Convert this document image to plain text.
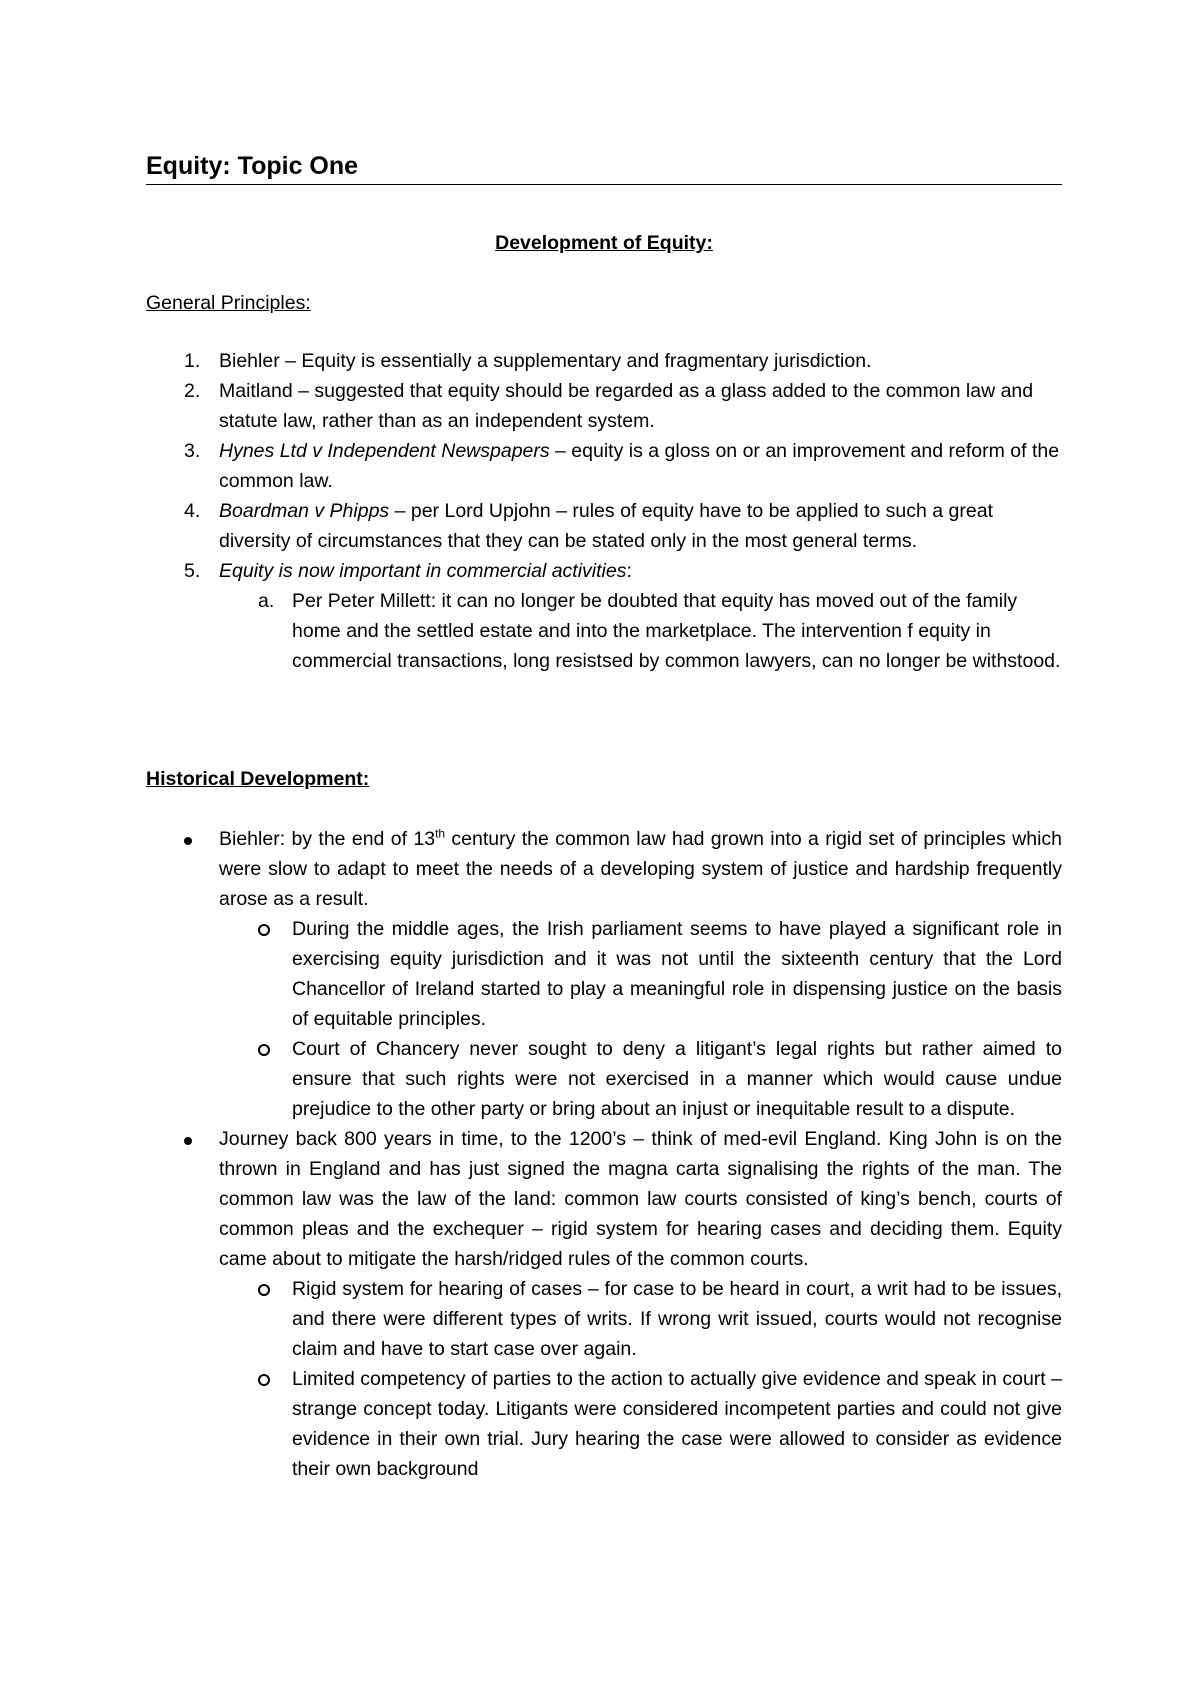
Equity: Topic One
Development of Equity:
General Principles:
1. Biehler – Equity is essentially a supplementary and fragmentary jurisdiction.
2. Maitland – suggested that equity should be regarded as a glass added to the common law and statute law, rather than as an independent system.
3. Hynes Ltd v Independent Newspapers – equity is a gloss on or an improvement and reform of the common law.
4. Boardman v Phipps – per Lord Upjohn – rules of equity have to be applied to such a great diversity of circumstances that they can be stated only in the most general terms.
5. Equity is now important in commercial activities:
a. Per Peter Millett: it can no longer be doubted that equity has moved out of the family home and the settled estate and into the marketplace. The intervention f equity in commercial transactions, long resistsed by common lawyers, can no longer be withstood.
Historical Development:
Biehler: by the end of 13th century the common law had grown into a rigid set of principles which were slow to adapt to meet the needs of a developing system of justice and hardship frequently arose as a result.
During the middle ages, the Irish parliament seems to have played a significant role in exercising equity jurisdiction and it was not until the sixteenth century that the Lord Chancellor of Ireland started to play a meaningful role in dispensing justice on the basis of equitable principles.
Court of Chancery never sought to deny a litigant’s legal rights but rather aimed to ensure that such rights were not exercised in a manner which would cause undue prejudice to the other party or bring about an injust or inequitable result to a dispute.
Journey back 800 years in time, to the 1200’s – think of med-evil England. King John is on the thrown in England and has just signed the magna carta signalising the rights of the man. The common law was the law of the land: common law courts consisted of king’s bench, courts of common pleas and the exchequer – rigid system for hearing cases and deciding them. Equity came about to mitigate the harsh/ridged rules of the common courts.
Rigid system for hearing of cases – for case to be heard in court, a writ had to be issues, and there were different types of writs. If wrong writ issued, courts would not recognise claim and have to start case over again.
Limited competency of parties to the action to actually give evidence and speak in court – strange concept today. Litigants were considered incompetent parties and could not give evidence in their own trial. Jury hearing the case were allowed to consider as evidence their own background
